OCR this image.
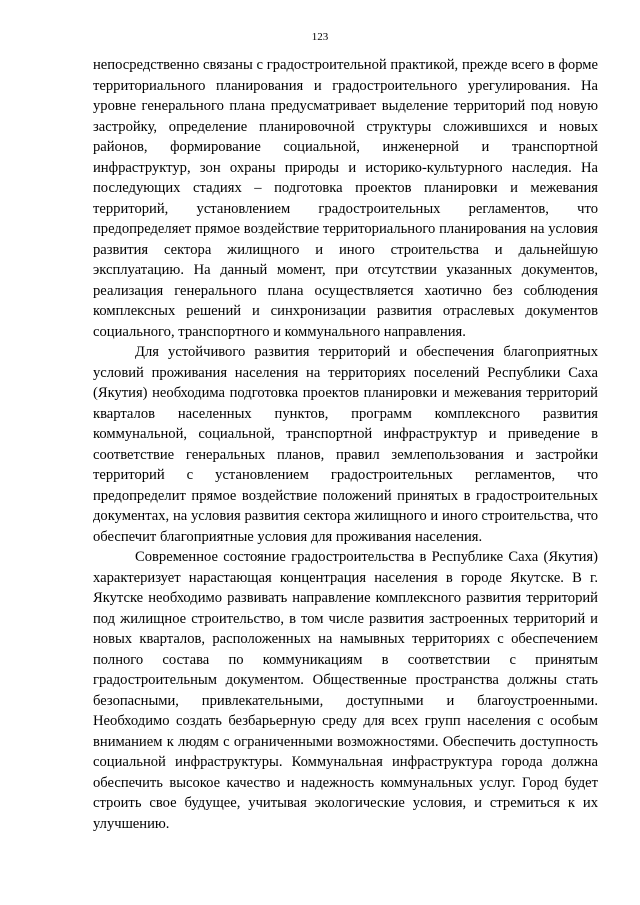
123

непосредственно связаны с градостроительной практикой, прежде всего в форме территориального планирования и градостроительного урегулирования. На уровне генерального плана предусматривает выделение территорий под новую застройку, определение планировочной структуры сложившихся и новых районов, формирование социальной, инженерной и транспортной инфраструктур, зон охраны природы и историко-культурного наследия. На последующих стадиях – подготовка проектов планировки и межевания территорий, установлением градостроительных регламентов, что предопределяет прямое воздействие территориального планирования на условия развития сектора жилищного и иного строительства и дальнейшую эксплуатацию. На данный момент, при отсутствии указанных документов, реализация генерального плана осуществляется хаотично без соблюдения комплексных решений и синхронизации развития отраслевых документов социального, транспортного и коммунального направления.

Для устойчивого развития территорий и обеспечения благоприятных условий проживания населения на территориях поселений Республики Саха (Якутия) необходима подготовка проектов планировки и межевания территорий кварталов населенных пунктов, программ комплексного развития коммунальной, социальной, транспортной инфраструктур и приведение в соответствие генеральных планов, правил землепользования и застройки территорий с установлением градостроительных регламентов, что предопределит прямое воздействие положений принятых в градостроительных документах, на условия развития сектора жилищного и иного строительства, что обеспечит благоприятные условия для проживания населения.

Современное состояние градостроительства в Республике Саха (Якутия) характеризует нарастающая концентрация населения в городе Якутске. В г. Якутске необходимо развивать направление комплексного развития территорий под жилищное строительство, в том числе развития застроенных территорий и новых кварталов, расположенных на намывных территориях с обеспечением полного состава по коммуникациям в соответствии с принятым градостроительным документом. Общественные пространства должны стать безопасными, привлекательными, доступными и благоустроенными. Необходимо создать безбарьерную среду для всех групп населения с особым вниманием к людям с ограниченными возможностями. Обеспечить доступность социальной инфраструктуры. Коммунальная инфраструктура города должна обеспечить высокое качество и надежность коммунальных услуг. Город будет строить свое будущее, учитывая экологические условия, и стремиться к их улучшению.
